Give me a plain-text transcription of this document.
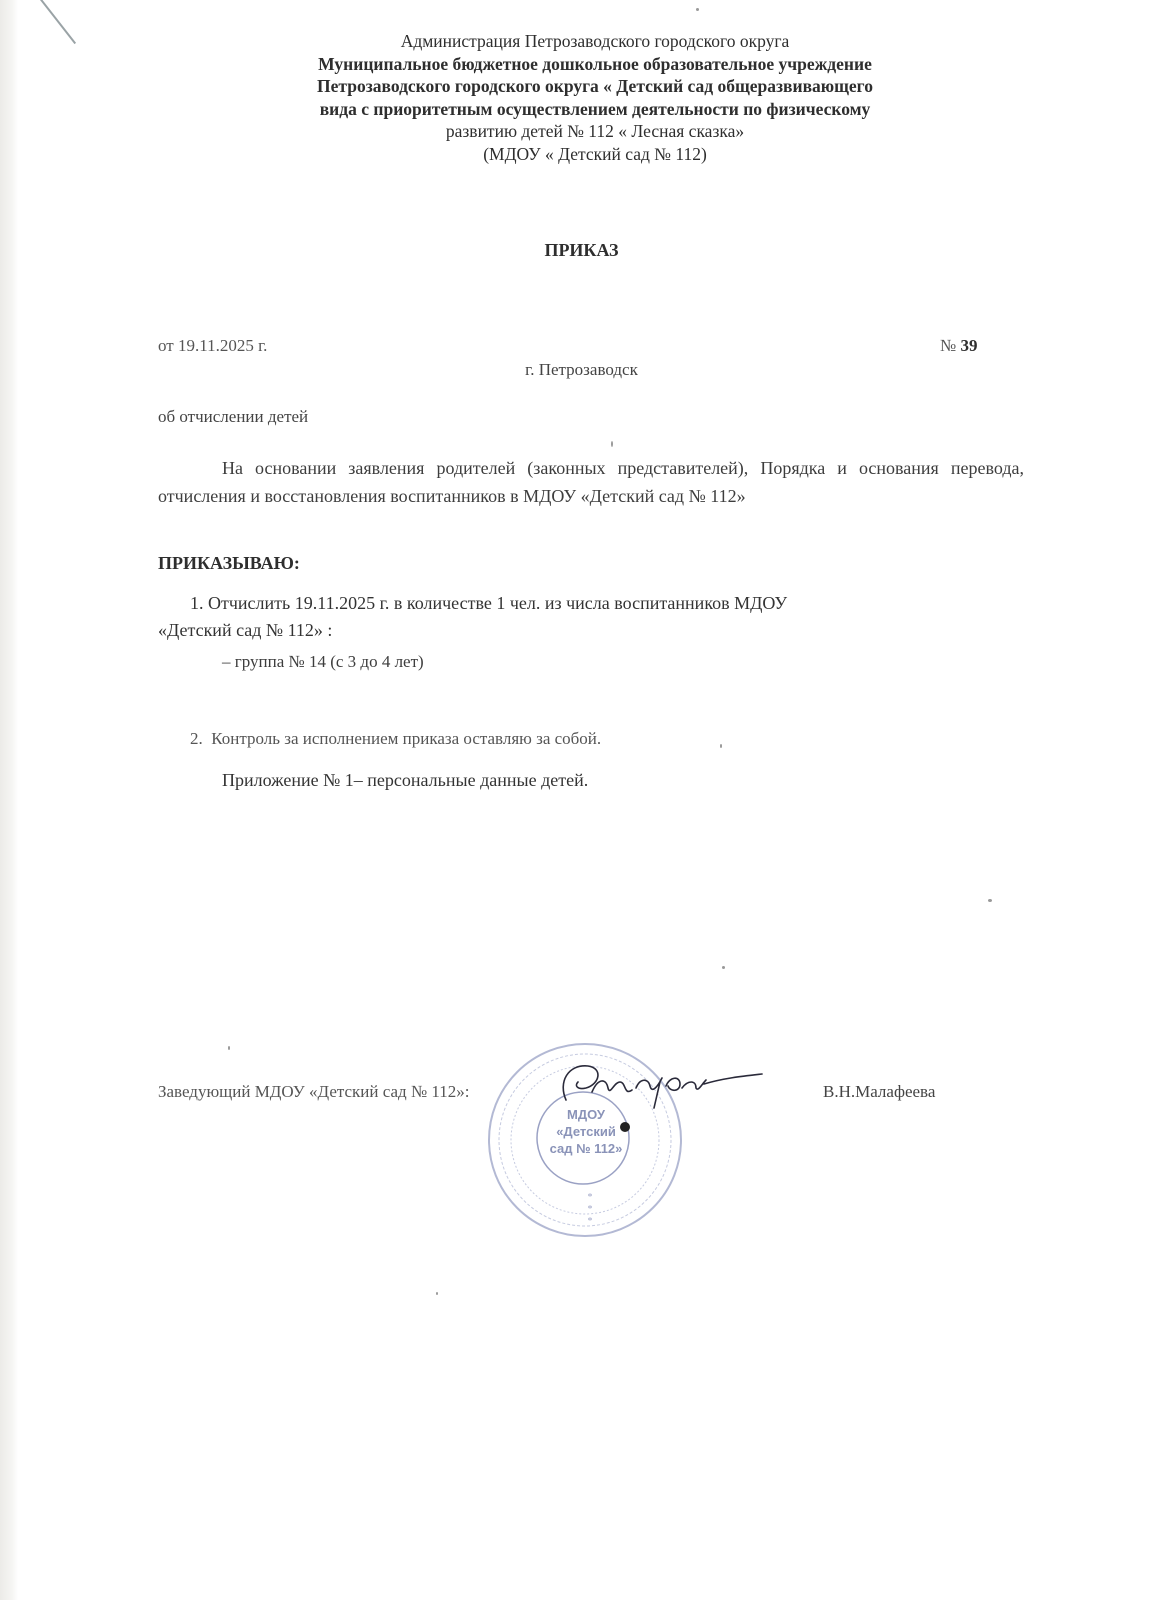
Администрация Петрозаводского городского округа
Муниципальное бюджетное дошкольное образовательное учреждение
Петрозаводского городского округа « Детский сад общеразвивающего
вида с приоритетным осуществлением деятельности по физическому
развитию детей № 112 « Лесная сказка»
(МДОУ « Детский сад № 112)
ПРИКАЗ
от 19.11.2025 г.	№ 39
г. Петрозаводск
об отчислении детей
На основании заявления родителей (законных представителей), Порядка и основания перевода, отчисления и восстановления воспитанников в МДОУ «Детский сад № 112»
ПРИКАЗЫВАЮ:
1. Отчислить 19.11.2025 г. в количестве 1 чел. из числа воспитанников МДОУ
«Детский сад № 112» :
– группа № 14 (с 3 до 4 лет)
2. Контроль за исполнением приказа оставляю за собой.
Приложение № 1– персональные данные детей.
Заведующий МДОУ «Детский сад № 112»:	В.Н.Малафеева
*
*
*
МДОУ
«Детский
сад № 112»
